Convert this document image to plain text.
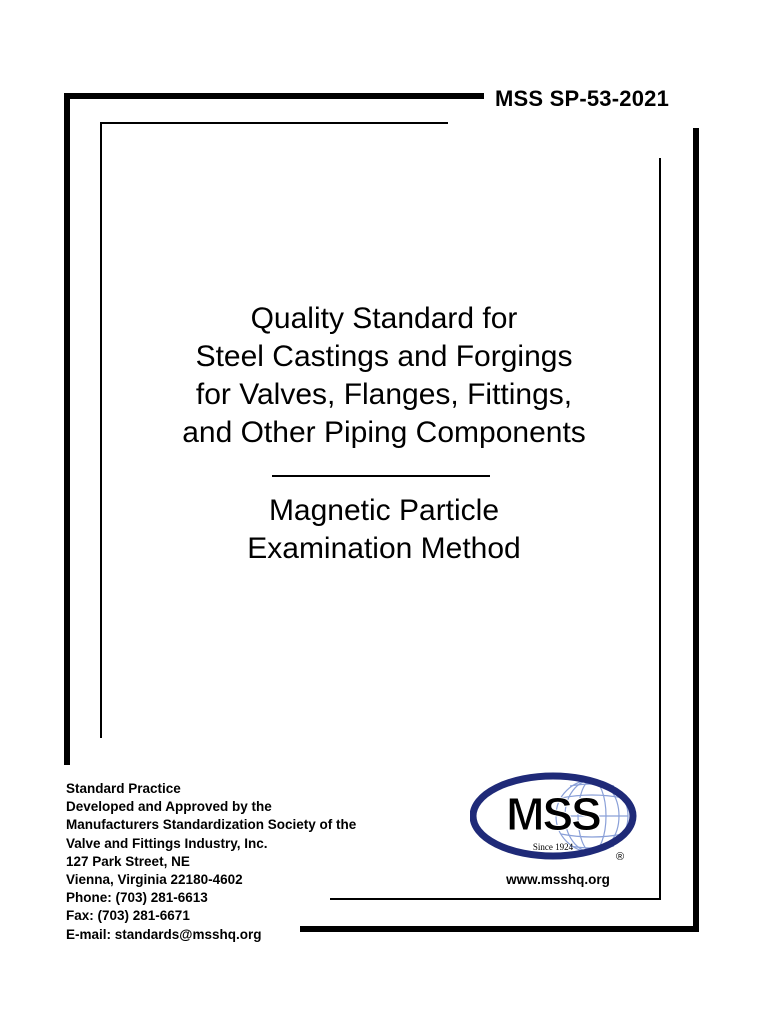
MSS SP-53-2021
Quality Standard for
Steel Castings and Forgings
for Valves, Flanges, Fittings,
and Other Piping Components
Magnetic Particle
Examination Method
Standard Practice
Developed and Approved by the
Manufacturers Standardization Society of the
Valve and Fittings Industry, Inc.
127 Park Street, NE
Vienna, Virginia 22180-4602
Phone: (703) 281-6613
Fax: (703) 281-6671
E-mail: standards@msshq.org
MSS
Since 1924
®
www.msshq.org
